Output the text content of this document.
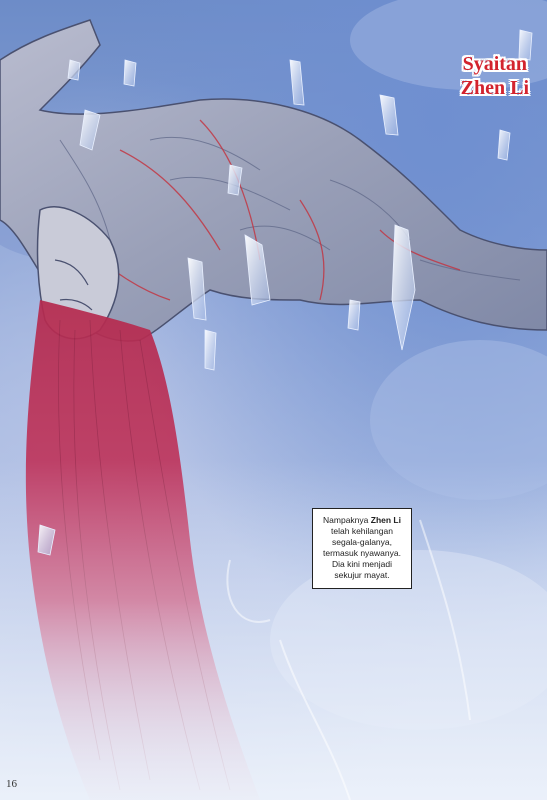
Syaitan
Zhen Li
Nampaknya Zhen Li telah kehilangan segala-galanya, termasuk nyawanya. Dia kini menjadi sekujur mayat.
16
